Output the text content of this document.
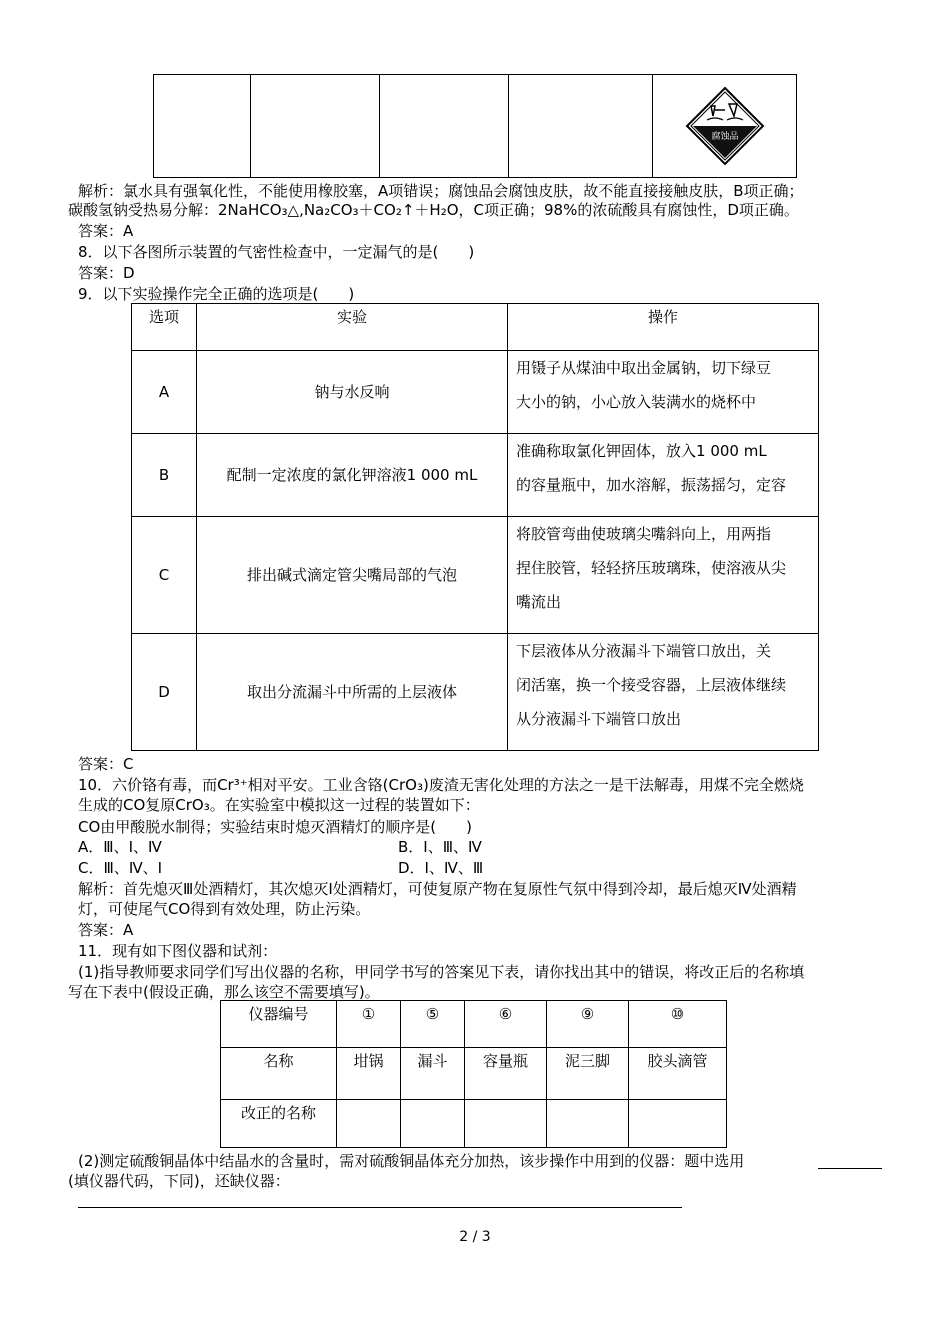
腐蚀品
解析：氯水具有强氧化性，不能使用橡胶塞，A项错误；腐蚀品会腐蚀皮肤，故不能直接接触皮肤，B项正确；
碳酸氢钠受热易分解：2NaHCO₃△,Na₂CO₃＋CO₂↑＋H₂O，C项正确；98%的浓硫酸具有腐蚀性，D项正确。
答案：A
8．以下各图所示装置的气密性检查中，一定漏气的是(　　)
答案：D
9．以下实验操作完全正确的选项是(　　)
选项	实验	操作
A	钠与水反响	用镊子从煤油中取出金属钠，切下绿豆
大小的钠，小心放入装满水的烧杯中

B	配制一定浓度的氯化钾溶液1 000 mL	准确称取氯化钾固体，放入1 000 mL
的容量瓶中，加水溶解，振荡摇匀，定容

C	排出碱式滴定管尖嘴局部的气泡	将胶管弯曲使玻璃尖嘴斜向上，用两指
捏住胶管，轻轻挤压玻璃珠，使溶液从尖
嘴流出

D	取出分流漏斗中所需的上层液体	下层液体从分液漏斗下端管口放出，关
闭活塞，换一个接受容器，上层液体继续
从分液漏斗下端管口放出
答案：C
10．六价铬有毒，而Cr³⁺相对平安。工业含铬(CrO₃)废渣无害化处理的方法之一是干法解毒，用煤不完全燃烧
生成的CO复原CrO₃。在实验室中模拟这一过程的装置如下：
CO由甲酸脱水制得；实验结束时熄灭酒精灯的顺序是(　　)
A．Ⅲ、Ⅰ、Ⅳ	B．Ⅰ、Ⅲ、Ⅳ
C．Ⅲ、Ⅳ、Ⅰ	D．Ⅰ、Ⅳ、Ⅲ
解析：首先熄灭Ⅲ处酒精灯，其次熄灭Ⅰ处酒精灯，可使复原产物在复原性气氛中得到冷却，最后熄灭Ⅳ处酒精
灯，可使尾气CO得到有效处理，防止污染。
答案：A
11．现有如下图仪器和试剂：
(1)指导教师要求同学们写出仪器的名称，甲同学书写的答案见下表，请你找出其中的错误，将改正后的名称填
写在下表中(假设正确，那么该空不需要填写)。
仪器编号	①	⑤	⑥	⑨	⑩
名称	坩锅	漏斗	容量瓶	泥三脚	胶头滴管
改正的名称					
(2)测定硫酸铜晶体中结晶水的含量时，需对硫酸铜晶体充分加热，该步操作中用到的仪器：题中选用
(填仪器代码，下同)，还缺仪器：
2 / 3
